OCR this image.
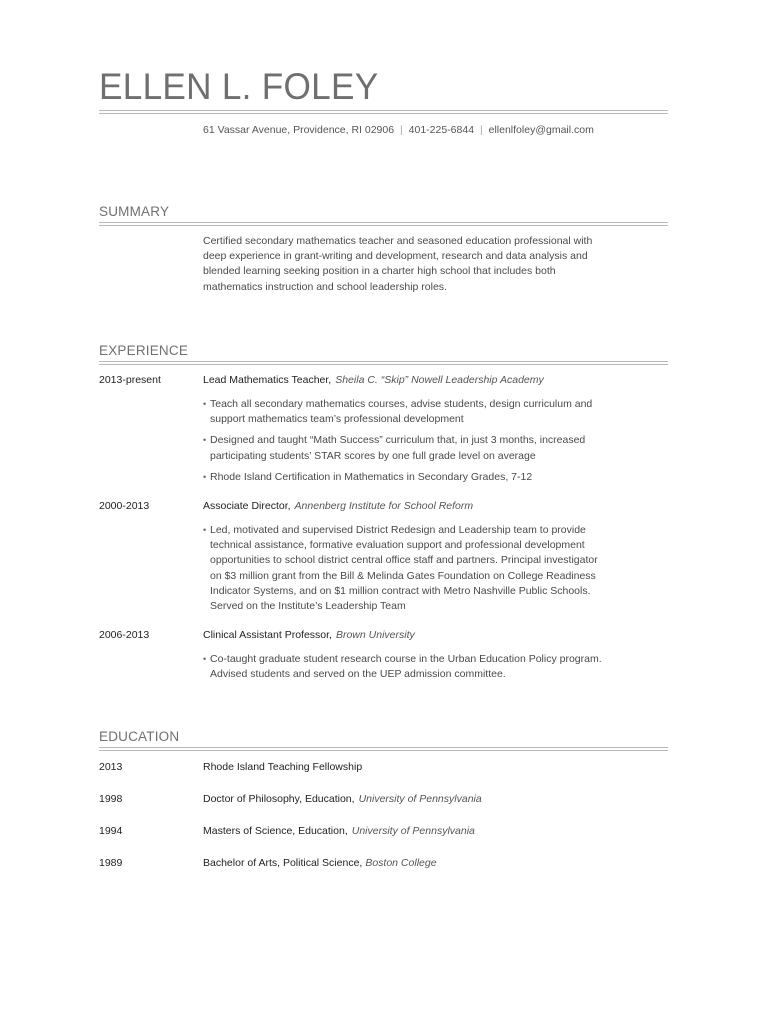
ELLEN L. FOLEY
61 Vassar Avenue, Providence, RI 02906 | 401-225-6844 | ellenlfoley@gmail.com
SUMMARY

Certified secondary mathematics teacher and seasoned education professional with
deep experience in grant-writing and development, research and data analysis and
blended learning seeking position in a charter high school that includes both
mathematics instruction and school leadership roles.

EXPERIENCE
2013-present	Lead Mathematics Teacher, Sheila C. “Skip” Nowell Leadership Academy
• Teach all secondary mathematics courses, advise students, design curriculum and
support mathematics team’s professional development
• Designed and taught “Math Success” curriculum that, in just 3 months, increased
participating students’ STAR scores by one full grade level on average
• Rhode Island Certification in Mathematics in Secondary Grades, 7-12
2000-2013	Associate Director, Annenberg Institute for School Reform
• Led, motivated and supervised District Redesign and Leadership team to provide
technical assistance, formative evaluation support and professional development
opportunities to school district central office staff and partners. Principal investigator
on $3 million grant from the Bill & Melinda Gates Foundation on College Readiness
Indicator Systems, and on $1 million contract with Metro Nashville Public Schools.
Served on the Institute’s Leadership Team
2006-2013	Clinical Assistant Professor, Brown University
• Co-taught graduate student research course in the Urban Education Policy program.
Advised students and served on the UEP admission committee.
EDUCATION
2013	Rhode Island Teaching Fellowship
1998	Doctor of Philosophy, Education, University of Pennsylvania
1994	Masters of Science, Education, University of Pennsylvania
1989	Bachelor of Arts, Political Science, Boston College
